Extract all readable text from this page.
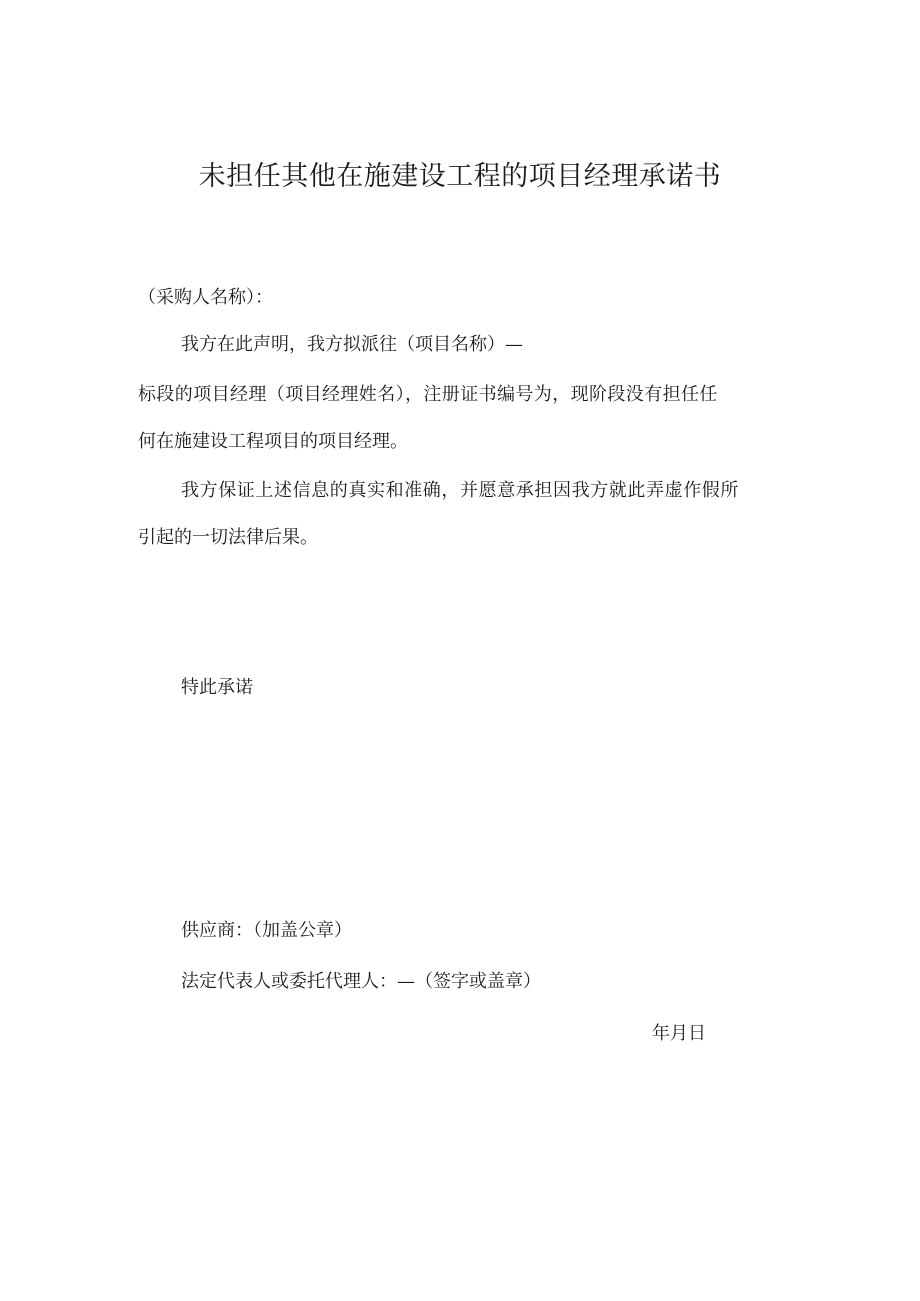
未担任其他在施建设工程的项目经理承诺书
（采购人名称）：
我方在此声明，我方拟派往（项目名称）—
标段的项目经理（项目经理姓名），注册证书编号为，现阶段没有担任任
何在施建设工程项目的项目经理。
我方保证上述信息的真实和准确，并愿意承担因我方就此弄虚作假所
引起的一切法律后果。
特此承诺
供应商：（加盖公章）
法定代表人或委托代理人：—（签字或盖章）
年月日
